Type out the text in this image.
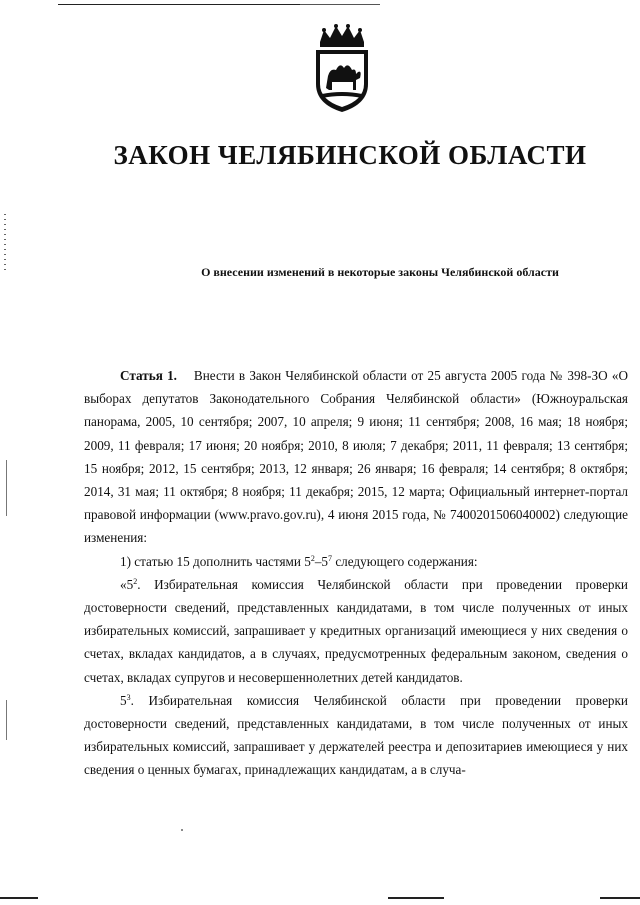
ЗАКОН ЧЕЛЯБИНСКОЙ ОБЛАСТИ
О внесении изменений в некоторые законы Челябинской области

Статья 1. Внести в Закон Челябинской области от 25 августа 2005 года № 398-ЗО «О выборах депутатов Законодательного Собрания Челябинской области» (Южноуральская панорама, 2005, 10 сентября; 2007, 10 апреля; 9 июня; 11 сентября; 2008, 16 мая; 18 ноября; 2009, 11 февраля; 17 июня; 20 ноября; 2010, 8 июля; 7 декабря; 2011, 11 февраля; 13 сентября; 15 ноября; 2012, 15 сентября; 2013, 12 января; 26 января; 16 февраля; 14 сентября; 8 октября; 2014, 31 мая; 11 октября; 8 ноября; 11 декабря; 2015, 12 марта; Официальный интернет-портал правовой информации (www.pravo.gov.ru), 4 июня 2015 года, № 7400201506040002) следующие изменения:

1) статью 15 дополнить частями $5^2-5^7$ следующего содержания:

«$5^2$. Избирательная комиссия Челябинской области при проведении проверки достоверности сведений, представленных кандидатами, в том числе полученных от иных избирательных комиссий, запрашивает у кредитных организаций имеющиеся у них сведения о счетах, вкладах кандидатов, а в случаях, предусмотренных федеральным законом, сведения о счетах, вкладах супругов и несовершеннолетних детей кандидатов.

$5^3$. Избирательная комиссия Челябинской области при проведении проверки достоверности сведений, представленных кандидатами, в том числе полученных от иных избирательных комиссий, запрашивает у держателей реестра и депозитариев имеющиеся у них сведения о ценных бумагах, принадлежащих кандидатам, а в случа-
